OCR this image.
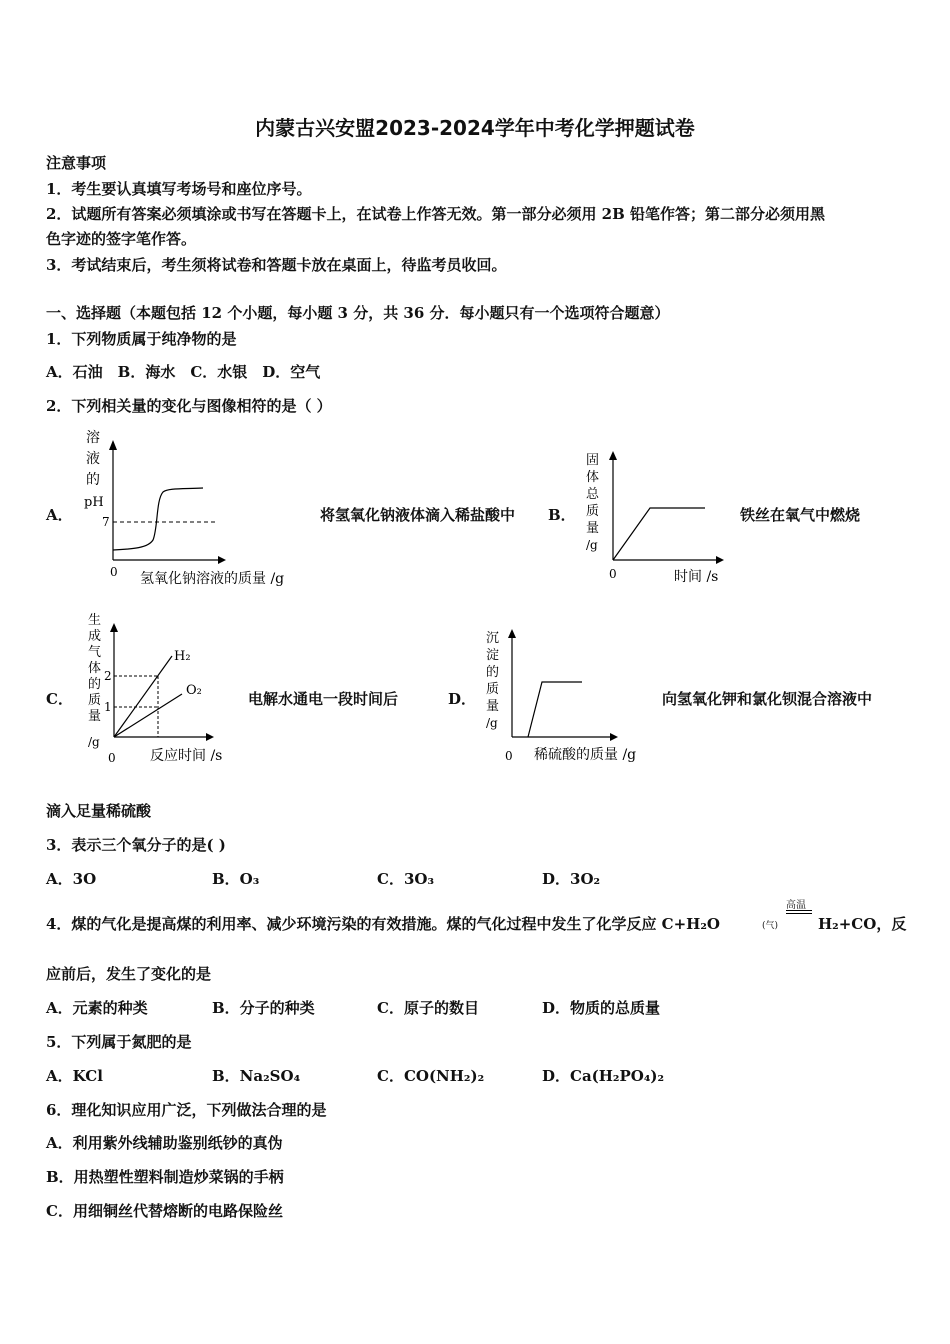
内蒙古兴安盟2023-2024学年中考化学押题试卷
注意事项
1．考生要认真填写考场号和座位序号。
2．试题所有答案必须填涂或书写在答题卡上，在试卷上作答无效。第一部分必须用 2B 铅笔作答；第二部分必须用黑
色字迹的签字笔作答。
3．考试结束后，考生须将试卷和答题卡放在桌面上，待监考员收回。
一、选择题（本题包括 12 个小题，每小题 3 分，共 36 分．每小题只有一个选项符合题意）
1．下列物质属于纯净物的是
A．石油　B．海水　C．水银　D．空气
2．下列相关量的变化与图像相符的是（ ）
A．
溶
液
的
pH
7
0 氢氧化钠溶液的质量 /g
将氢氧化钠液体滴入稀盐酸中 B．
固
体
总
质
量
/g
0	时间 /s
铁丝在氧气中燃烧
C．
生
成
气
体
的
质
量
/g
2
1
H₂
O₂
0 反应时间 /s
电解水通电一段时间后	D．
沉
淀
的
质
量
/g
0 稀硫酸的质量 /g
向氢氧化钾和氯化钡混合溶液中
滴入足量稀硫酸
3．表示三个氧分子的是( )
A．3O	B．O₃	C．3O₃	D．3O₂
4．煤的气化是提高煤的利用率、减少环境污染的有效措施。煤的气化过程中发生了化学反应 C+H₂O	(气)
高温
H₂+CO，反
应前后，发生了变化的是
A．元素的种类	B．分子的种类	C．原子的数目	D．物质的总质量
5．下列属于氮肥的是
A．KCl	B．Na₂SO₄	C．CO(NH₂)₂	D．Ca(H₂PO₄)₂
6．理化知识应用广泛，下列做法合理的是
A．利用紫外线辅助鉴别纸钞的真伪
B．用热塑性塑料制造炒菜锅的手柄
C．用细铜丝代替熔断的电路保险丝
